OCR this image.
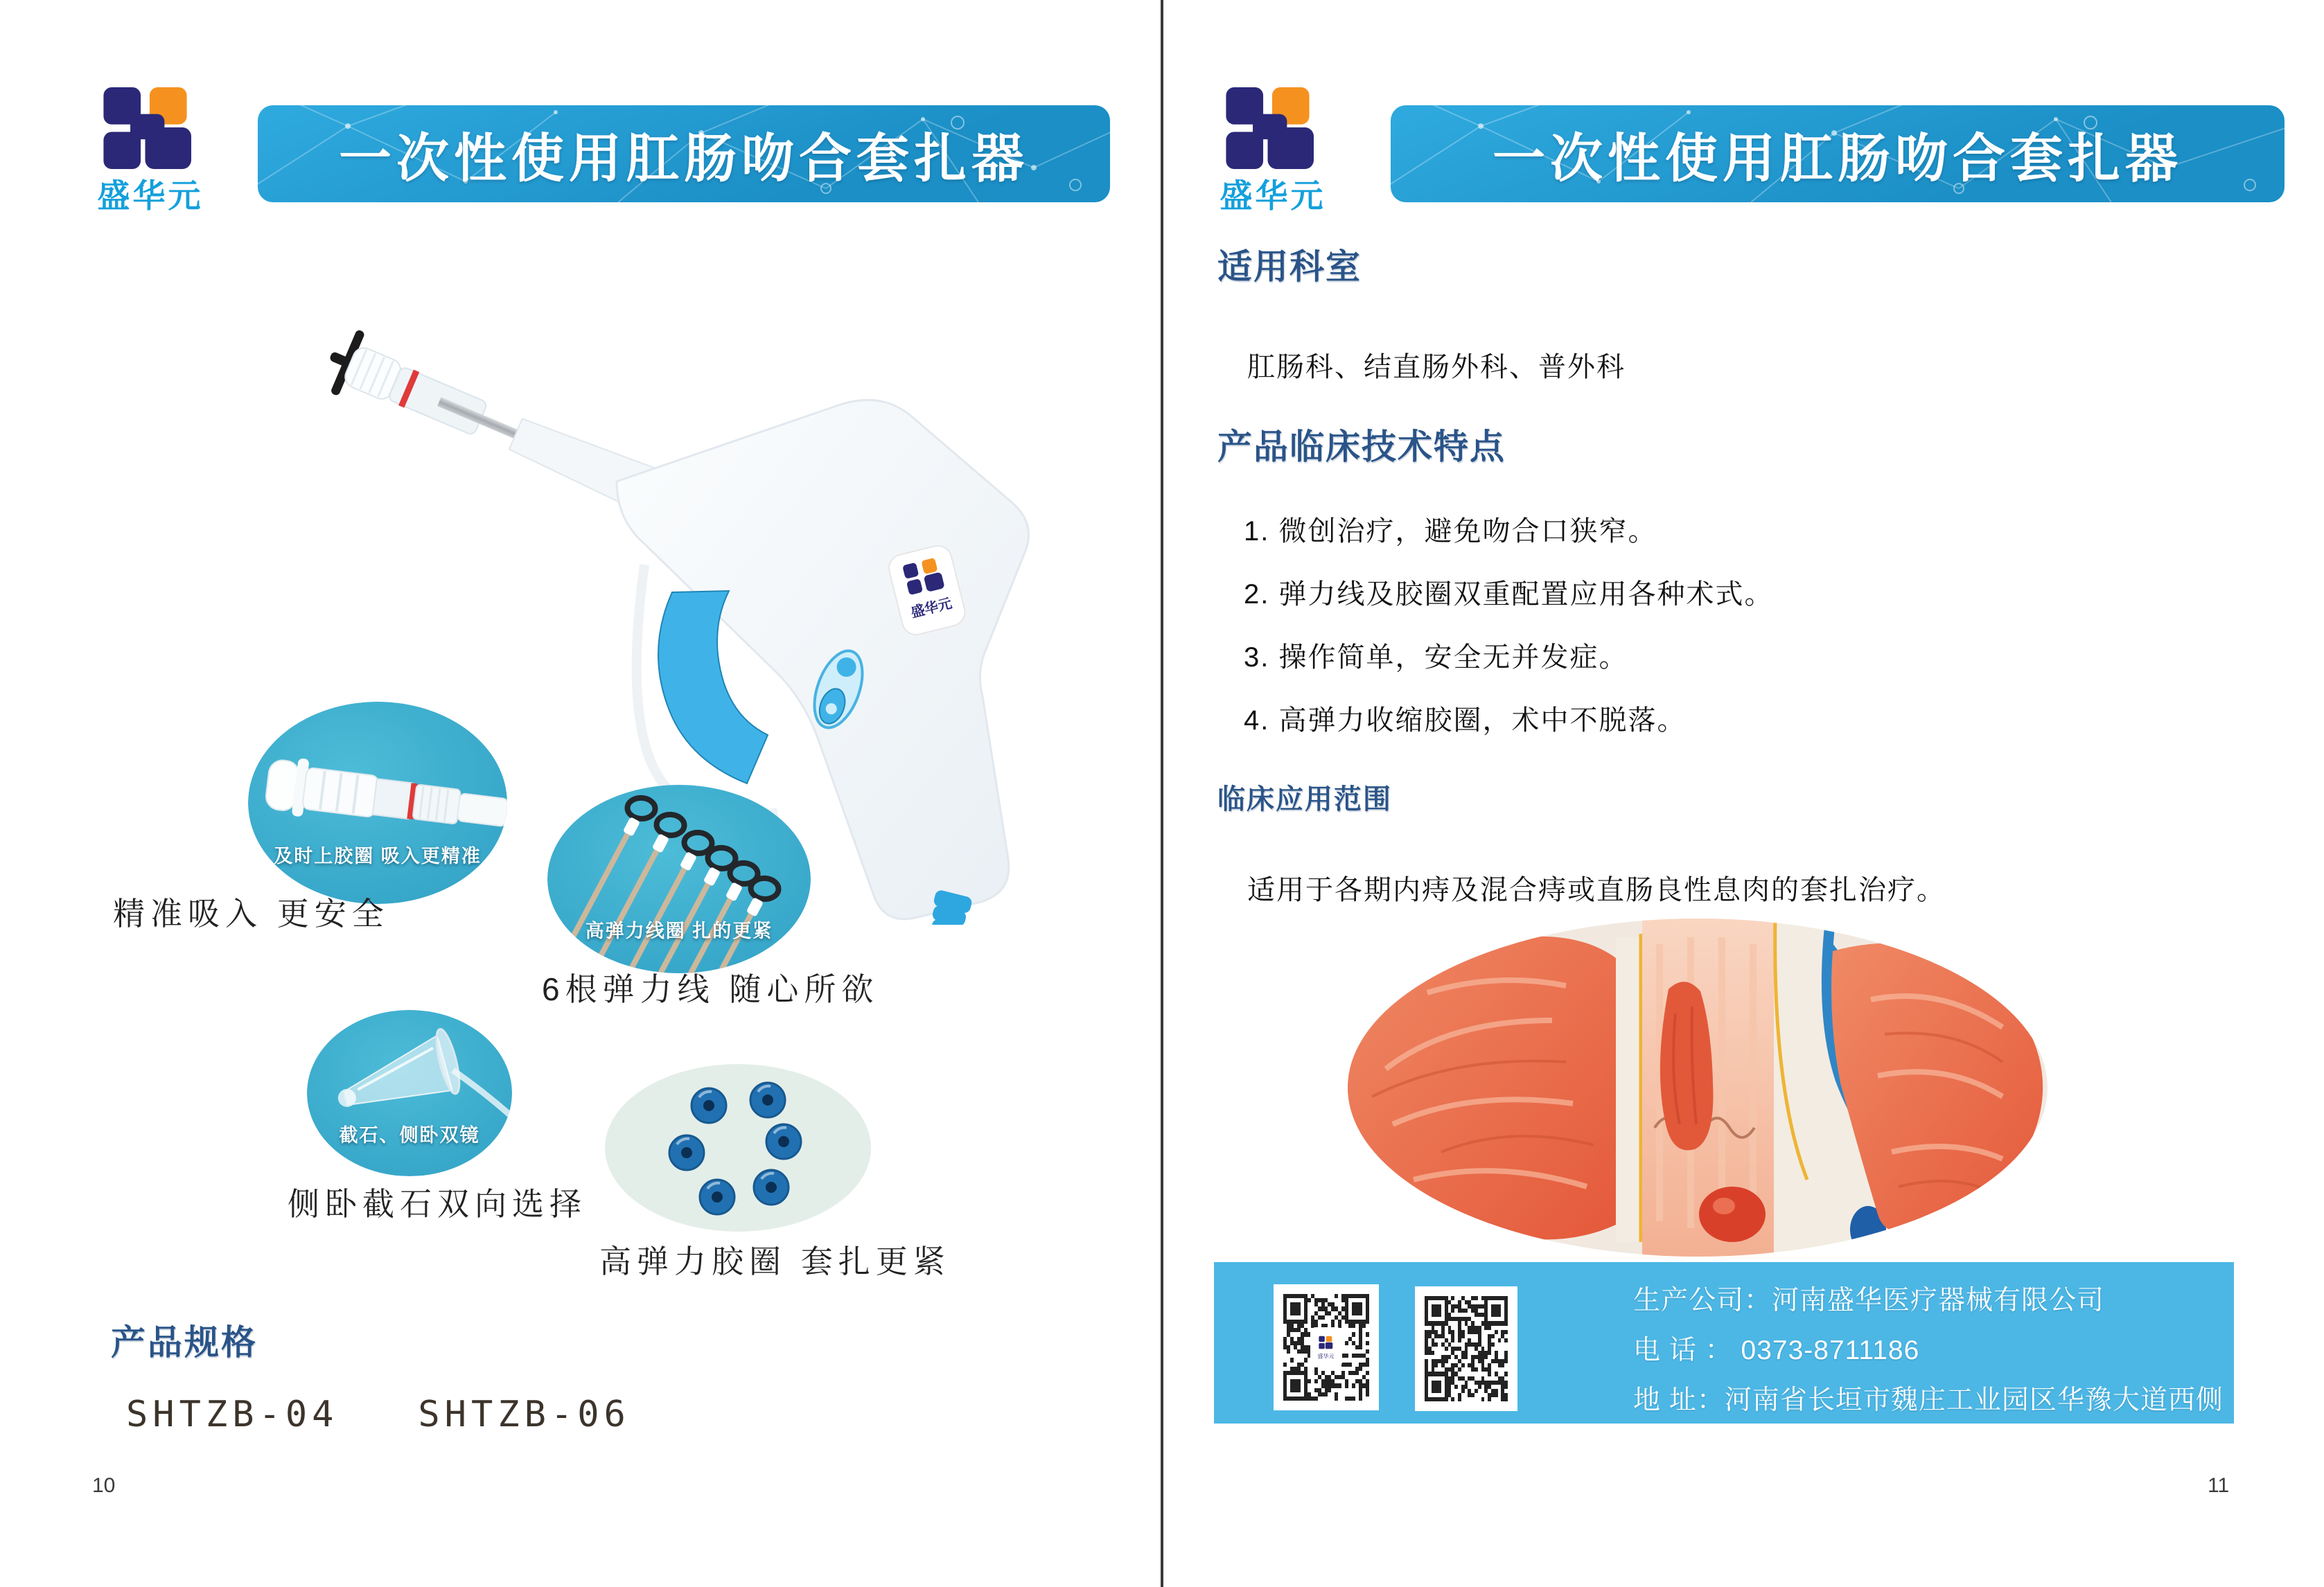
盛华元
一次性使用肛肠吻合套扎器
盛华元
及时上胶圈 吸入更精准
精准吸入 更安全	高弹力线圈 扎的更紧
6根弹力线 随心所欲
截石、侧卧双镜
侧卧截石双向选择
高弹力胶圈 套扎更紧
产品规格
SHTZB-04   SHTZB-06
10
盛华元
一次性使用肛肠吻合套扎器
适用科室
肛肠科、结直肠外科、普外科
产品临床技术特点
1. 微创治疗，避免吻合口狭窄。
2. 弹力线及胶圈双重配置应用各种术式。
3. 操作简单，安全无并发症。
4. 高弹力收缩胶圈，术中不脱落。
临床应用范围
适用于各期内痔及混合痔或直肠良性息肉的套扎治疗。
盛华元

生产公司：河南盛华医疗器械有限公司

电 话 ： 0373-8711186

地 址：河南省长垣市魏庄工业园区华豫大道西侧

11
